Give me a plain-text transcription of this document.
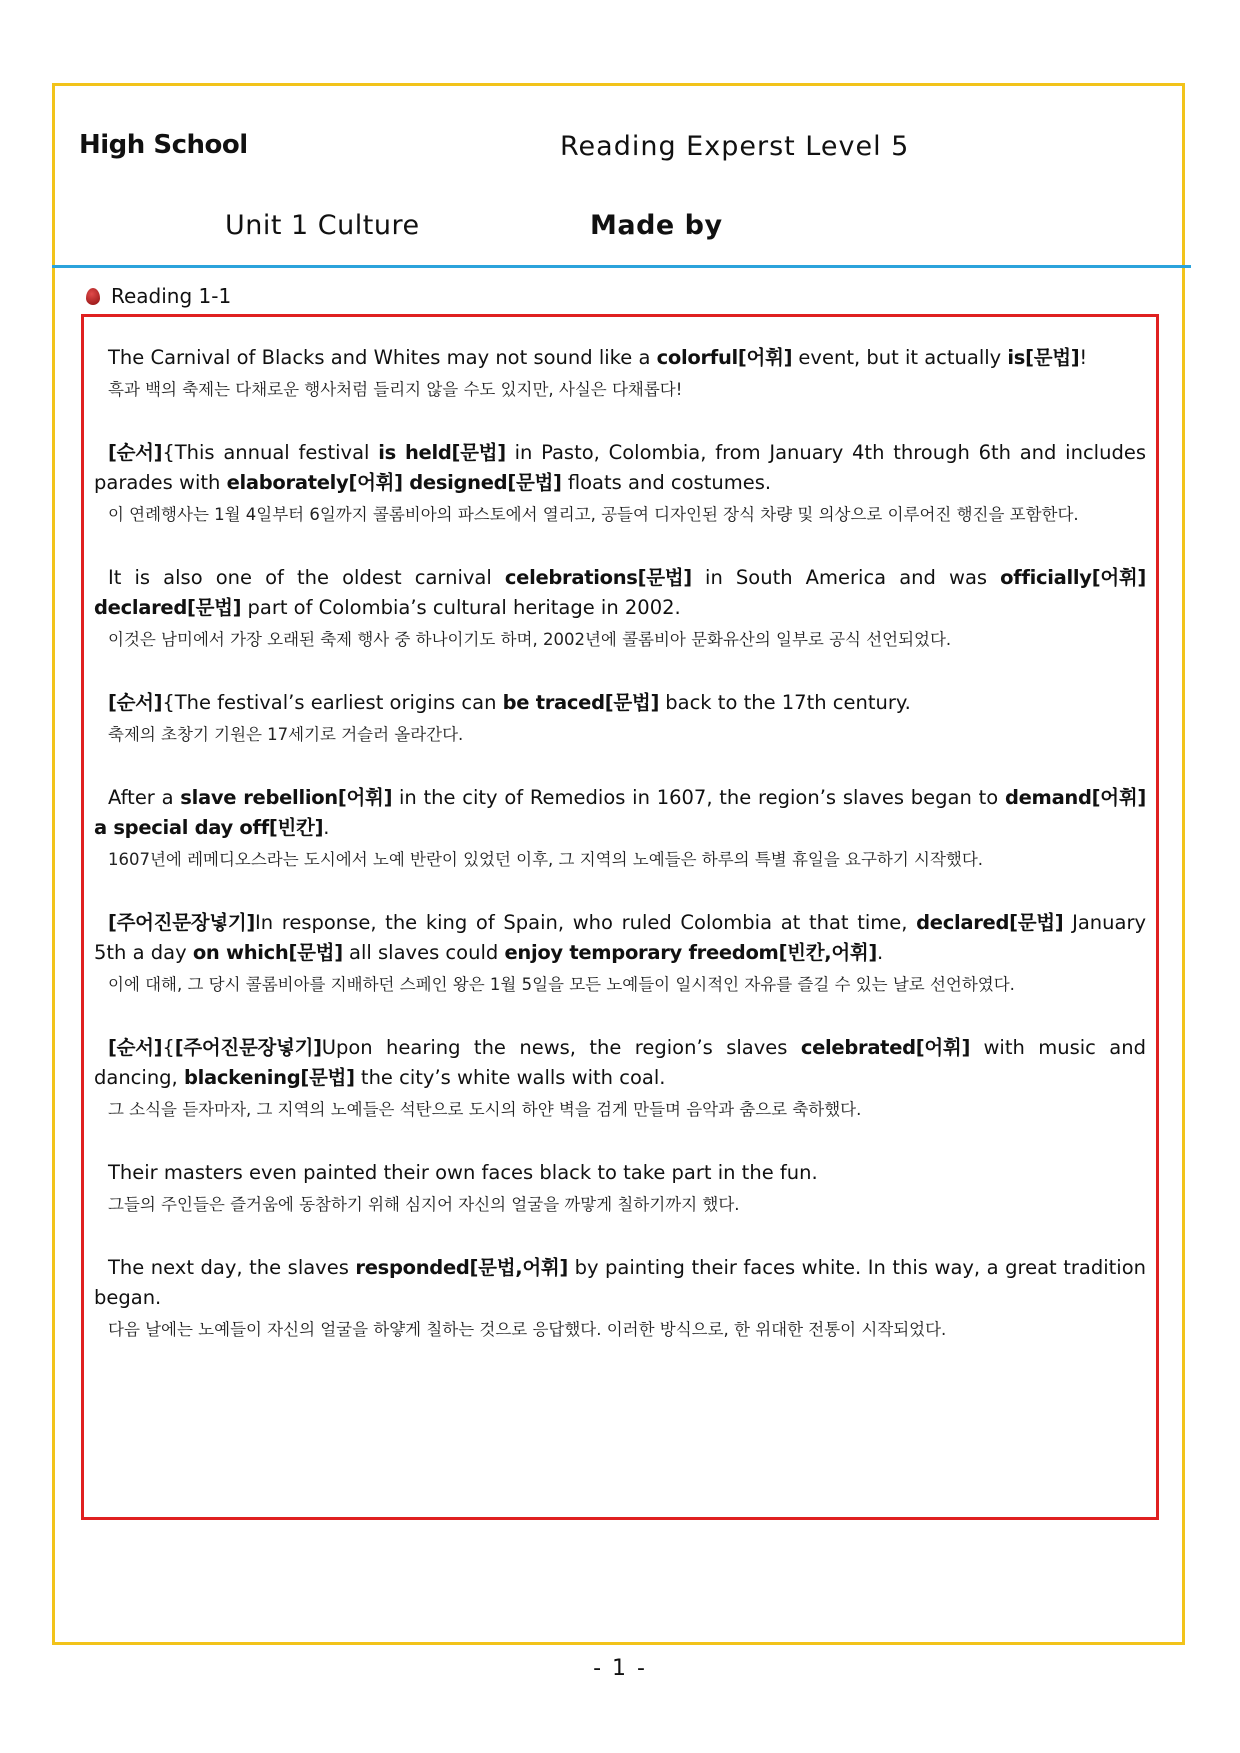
High School	Reading Experst Level 5
Unit 1 Culture	Made by
Reading 1-1
The Carnival of Blacks and Whites may not sound like a colorful[어휘] event, but it actually is[문법]!
흑과 백의 축제는 다채로운 행사처럼 들리지 않을 수도 있지만, 사실은 다채롭다!
[순서]{This annual festival is held[문법] in Pasto, Colombia, from January 4th through 6th and includes parades with elaborately[어휘] designed[문법] floats and costumes.
이 연례행사는 1월 4일부터 6일까지 콜롬비아의 파스토에서 열리고, 공들여 디자인된 장식 차량 및 의상으로 이루어진 행진을 포함한다.
It is also one of the oldest carnival celebrations[문법] in South America and was officially[어휘] declared[문법] part of Colombia’s cultural heritage in 2002.
이것은 남미에서 가장 오래된 축제 행사 중 하나이기도 하며, 2002년에 콜롬비아 문화유산의 일부로 공식 선언되었다.
[순서]{The festival’s earliest origins can be traced[문법] back to the 17th century.
축제의 초창기 기원은 17세기로 거슬러 올라간다.
After a slave rebellion[어휘] in the city of Remedios in 1607, the region’s slaves began to demand[어휘] a special day off[빈칸].
1607년에 레메디오스라는 도시에서 노예 반란이 있었던 이후, 그 지역의 노예들은 하루의 특별 휴일을 요구하기 시작했다.
[주어진문장넣기]In response, the king of Spain, who ruled Colombia at that time, declared[문법] January 5th a day on which[문법] all slaves could enjoy temporary freedom[빈칸,어휘].
이에 대해, 그 당시 콜롬비아를 지배하던 스페인 왕은 1월 5일을 모든 노예들이 일시적인 자유를 즐길 수 있는 날로 선언하였다.
[순서]{[주어진문장넣기]Upon hearing the news, the region’s slaves celebrated[어휘] with music and dancing, blackening[문법] the city’s white walls with coal.
그 소식을 듣자마자, 그 지역의 노예들은 석탄으로 도시의 하얀 벽을 검게 만들며 음악과 춤으로 축하했다.
Their masters even painted their own faces black to take part in the fun.
그들의 주인들은 즐거움에 동참하기 위해 심지어 자신의 얼굴을 까맣게 칠하기까지 했다.
The next day, the slaves responded[문법,어휘] by painting their faces white. In this way, a great tradition began.
다음 날에는 노예들이 자신의 얼굴을 하얗게 칠하는 것으로 응답했다. 이러한 방식으로, 한 위대한 전통이 시작되었다.
- 1 -
